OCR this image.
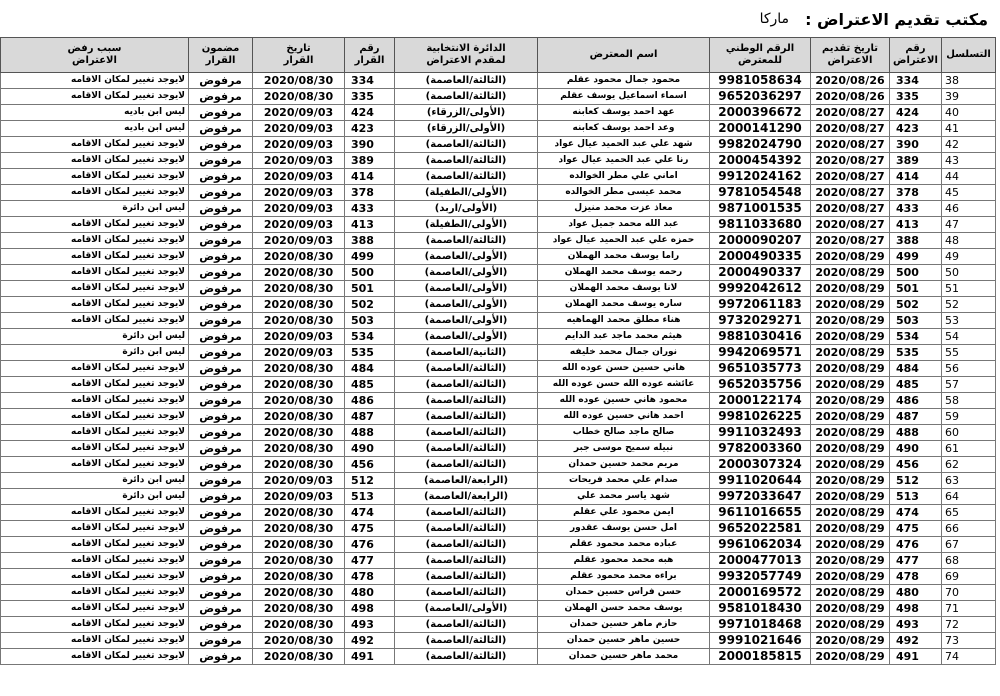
مكتب تقديم الاعتراض :
ماركا
التسلسل	رقم
الاعتراض	تاريخ تقديم
الاعتراض	الرقم الوطني
للمعترض	اسم المعترض	الدائرة الانتخابية
لمقدم الاعتراض	رقم
القرار	تاريخ
القرار	مضمون
القرار	سبب رفض
الاعتراض

38	334	2020/08/26	9981058634	محمود جمال محمود عقلم	(الثالثة/العاصمة)	334	2020/08/30	مرفوض	لايوجد تغيير لمكان الاقامه
39	335	2020/08/26	9652036297	اسماء اسماعيل يوسف عقلم	(الثالثة/العاصمة)	335	2020/08/30	مرفوض	لايوجد تغيير لمكان الاقامه
40	424	2020/08/27	2000396672	عهد احمد يوسف كعابنه	(الأولى/الزرقاء)	424	2020/09/03	مرفوض	ليس ابن باديه
41	423	2020/08/27	2000141290	وعد احمد يوسف كعابنه	(الأولى/الزرقاء)	423	2020/09/03	مرفوض	ليس ابن باديه
42	390	2020/08/27	9982024790	شهد علي عبد الحميد عيال عواد	(الثالثة/العاصمة)	390	2020/09/03	مرفوض	لايوجد تغيير لمكان الاقامه
43	389	2020/08/27	2000454392	رنا علي عبد الحميد عيال عواد	(الثالثة/العاصمة)	389	2020/09/03	مرفوض	لايوجد تغيير لمكان الاقامه
44	414	2020/08/27	9912024162	اماني علي مطر الخوالده	(الثالثة/العاصمة)	414	2020/09/03	مرفوض	لايوجد تغيير لمكان الاقامه
45	378	2020/08/27	9781054548	محمد عيسى مطر الخوالده	(الأولى/الطفيلة)	378	2020/09/03	مرفوض	لايوجد تغيير لمكان الاقامه
46	433	2020/08/27	9871001535	معاذ عزت محمد منيزل	(الأولى/اربد)	433	2020/09/03	مرفوض	ليس ابن دائرة
47	413	2020/08/27	9811033680	عبد الله محمد جميل عواد	(الأولى/الطفيلة)	413	2020/09/03	مرفوض	لايوجد تغيير لمكان الاقامه
48	388	2020/08/27	2000090207	حمزه علي عبد الحميد عيال عواد	(الثالثة/العاصمة)	388	2020/09/03	مرفوض	لايوجد تغيير لمكان الاقامه
49	499	2020/08/29	2000490335	راما يوسف محمد الهملان	(الأولى/العاصمة)	499	2020/08/30	مرفوض	لايوجد تغيير لمكان الاقامه
50	500	2020/08/29	2000490337	رحمه يوسف محمد الهملان	(الأولى/العاصمة)	500	2020/08/30	مرفوض	لايوجد تغيير لمكان الاقامه
51	501	2020/08/29	9992042612	لانا يوسف محمد الهملان	(الأولى/العاصمة)	501	2020/08/30	مرفوض	لايوجد تغيير لمكان الاقامه
52	502	2020/08/29	9972061183	ساره يوسف محمد الهملان	(الأولى/العاصمة)	502	2020/08/30	مرفوض	لايوجد تغيير لمكان الاقامه
53	503	2020/08/29	9732029271	هناء مطلق محمد الهماهيه	(الأولى/العاصمة)	503	2020/08/30	مرفوض	لايوجد تغيير لمكان الاقامه
54	534	2020/08/29	9881030416	هيثم محمد ماجد عبد الدايم	(الأولى/العاصمة)	534	2020/09/03	مرفوض	ليس ابن دائرة
55	535	2020/08/29	9942069571	نوران جمال محمد خليفه	(الثانية/العاصمة)	535	2020/09/03	مرفوض	ليس ابن دائرة
56	484	2020/08/29	9651035773	هاني حسين حسن عوده الله	(الثالثة/العاصمة)	484	2020/08/30	مرفوض	لايوجد تغيير لمكان الاقامه
57	485	2020/08/29	9652035756	عائشه عوده الله حسن عوده الله	(الثالثة/العاصمة)	485	2020/08/30	مرفوض	لايوجد تغيير لمكان الاقامه
58	486	2020/08/29	2000122174	محمود هاني حسين عوده الله	(الثالثة/العاصمة)	486	2020/08/30	مرفوض	لايوجد تغيير لمكان الاقامه
59	487	2020/08/29	9981026225	احمد هاني حسين عوده الله	(الثالثة/العاصمة)	487	2020/08/30	مرفوض	لايوجد تغيير لمكان الاقامه
60	488	2020/08/29	9911032493	صالح ماجد صالح خطاب	(الثالثة/العاصمة)	488	2020/08/30	مرفوض	لايوجد تغيير لمكان الاقامه
61	490	2020/08/29	9782003360	نبيله سميح موسى جبر	(الثالثة/العاصمة)	490	2020/08/30	مرفوض	لايوجد تغيير لمكان الاقامه
62	456	2020/08/29	2000307324	مريم محمد حسين حمدان	(الثالثة/العاصمة)	456	2020/08/30	مرفوض	لايوجد تغيير لمكان الاقامه
63	512	2020/08/29	9911020644	صدام علي محمد فريحات	(الرابعة/العاصمة)	512	2020/09/03	مرفوض	ليس ابن دائرة
64	513	2020/08/29	9972033647	شهد ياسر محمد علي	(الرابعة/العاصمة)	513	2020/09/03	مرفوض	ليس ابن دائرة
65	474	2020/08/29	9611016655	ايمن محمود علي عقلم	(الثالثة/العاصمة)	474	2020/08/30	مرفوض	لايوجد تغيير لمكان الاقامه
66	475	2020/08/29	9652022581	امل حسن يوسف عقدور	(الثالثة/العاصمة)	475	2020/08/30	مرفوض	لايوجد تغيير لمكان الاقامه
67	476	2020/08/29	9961062034	عباده محمد محمود عقلم	(الثالثة/العاصمة)	476	2020/08/30	مرفوض	لايوجد تغيير لمكان الاقامه
68	477	2020/08/29	2000477013	هبه محمد محمود عقلم	(الثالثة/العاصمة)	477	2020/08/30	مرفوض	لايوجد تغيير لمكان الاقامه
69	478	2020/08/29	9932057749	براءه محمد محمود عقلم	(الثالثة/العاصمة)	478	2020/08/30	مرفوض	لايوجد تغيير لمكان الاقامه
70	480	2020/08/29	2000169572	حسن فراس حسين حمدان	(الثالثة/العاصمة)	480	2020/08/30	مرفوض	لايوجد تغيير لمكان الاقامه
71	498	2020/08/29	9581018430	يوسف محمد حسن الهملان	(الأولى/العاصمة)	498	2020/08/30	مرفوض	لايوجد تغيير لمكان الاقامه
72	493	2020/08/29	9971018468	حازم ماهر حسين حمدان	(الثالثة/العاصمة)	493	2020/08/30	مرفوض	لايوجد تغيير لمكان الاقامه
73	492	2020/08/29	9991021646	حسين ماهر حسين حمدان	(الثالثة/العاصمة)	492	2020/08/30	مرفوض	لايوجد تغيير لمكان الاقامه
74	491	2020/08/29	2000185815	محمد ماهر حسين حمدان	(الثالثة/العاصمة)	491	2020/08/30	مرفوض	لايوجد تغيير لمكان الاقامه
